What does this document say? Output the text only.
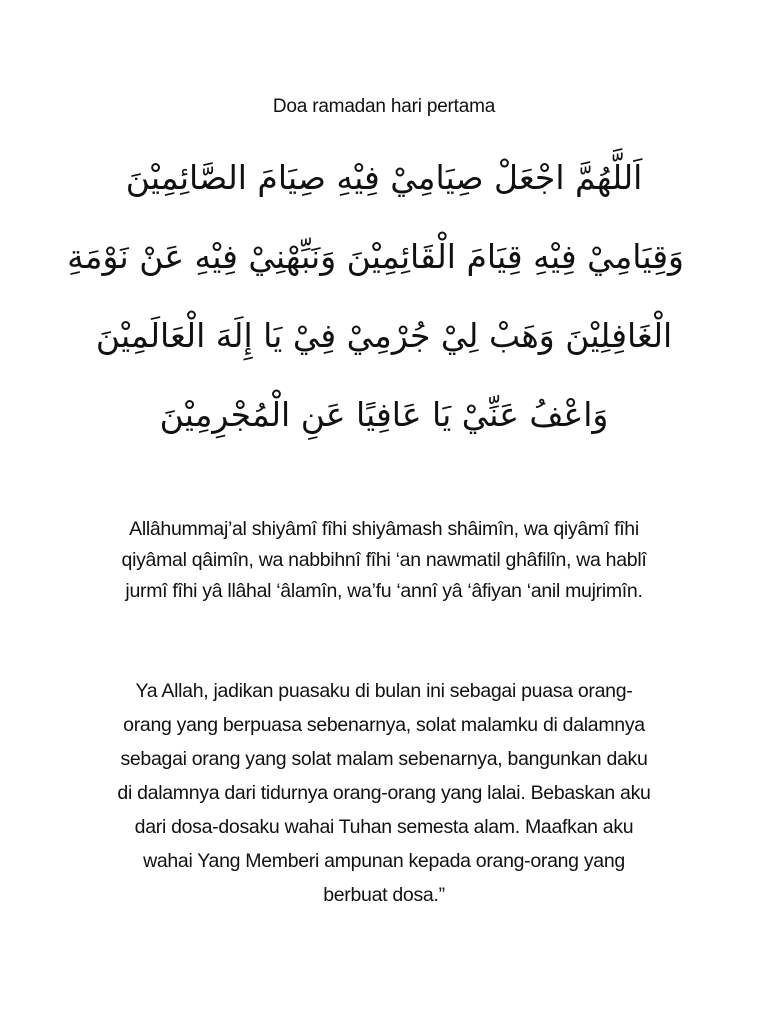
Doa ramadan hari pertama
اَللَّهُمَّ اجْعَلْ صِيَامِيْ فِيْهِ صِيَامَ الصَّائِمِيْنَ
وَقِيَامِيْ فِيْهِ قِيَامَ الْقَائِمِيْنَ وَنَبِّهْنِيْ فِيْهِ عَنْ نَوْمَةِ
الْغَافِلِيْنَ وَهَبْ لِيْ جُرْمِيْ فِيْ يَا إِلَهَ الْعَالَمِيْنَ
وَاعْفُ عَنِّيْ يَا عَافِيًا عَنِ الْمُجْرِمِيْنَ
Allâhummaj’al shiyâmî fîhi shiyâmash shâimîn, wa qiyâmî fîhi
qiyâmal qâimîn, wa nabbihnî fîhi ‘an nawmatil ghâfilîn, wa hablî
jurmî fîhi yâ llâhal ‘âlamîn, wa’fu ‘annî yâ ‘âfiyan ‘anil mujrimîn.
Ya Allah, jadikan puasaku di bulan ini sebagai puasa orang-
orang yang berpuasa sebenarnya, solat malamku di dalamnya
sebagai orang yang solat malam sebenarnya, bangunkan daku
di dalamnya dari tidurnya orang-orang yang lalai. Bebaskan aku
dari dosa-dosaku wahai Tuhan semesta alam. Maafkan aku
wahai Yang Memberi ampunan kepada orang-orang yang
berbuat dosa.”
